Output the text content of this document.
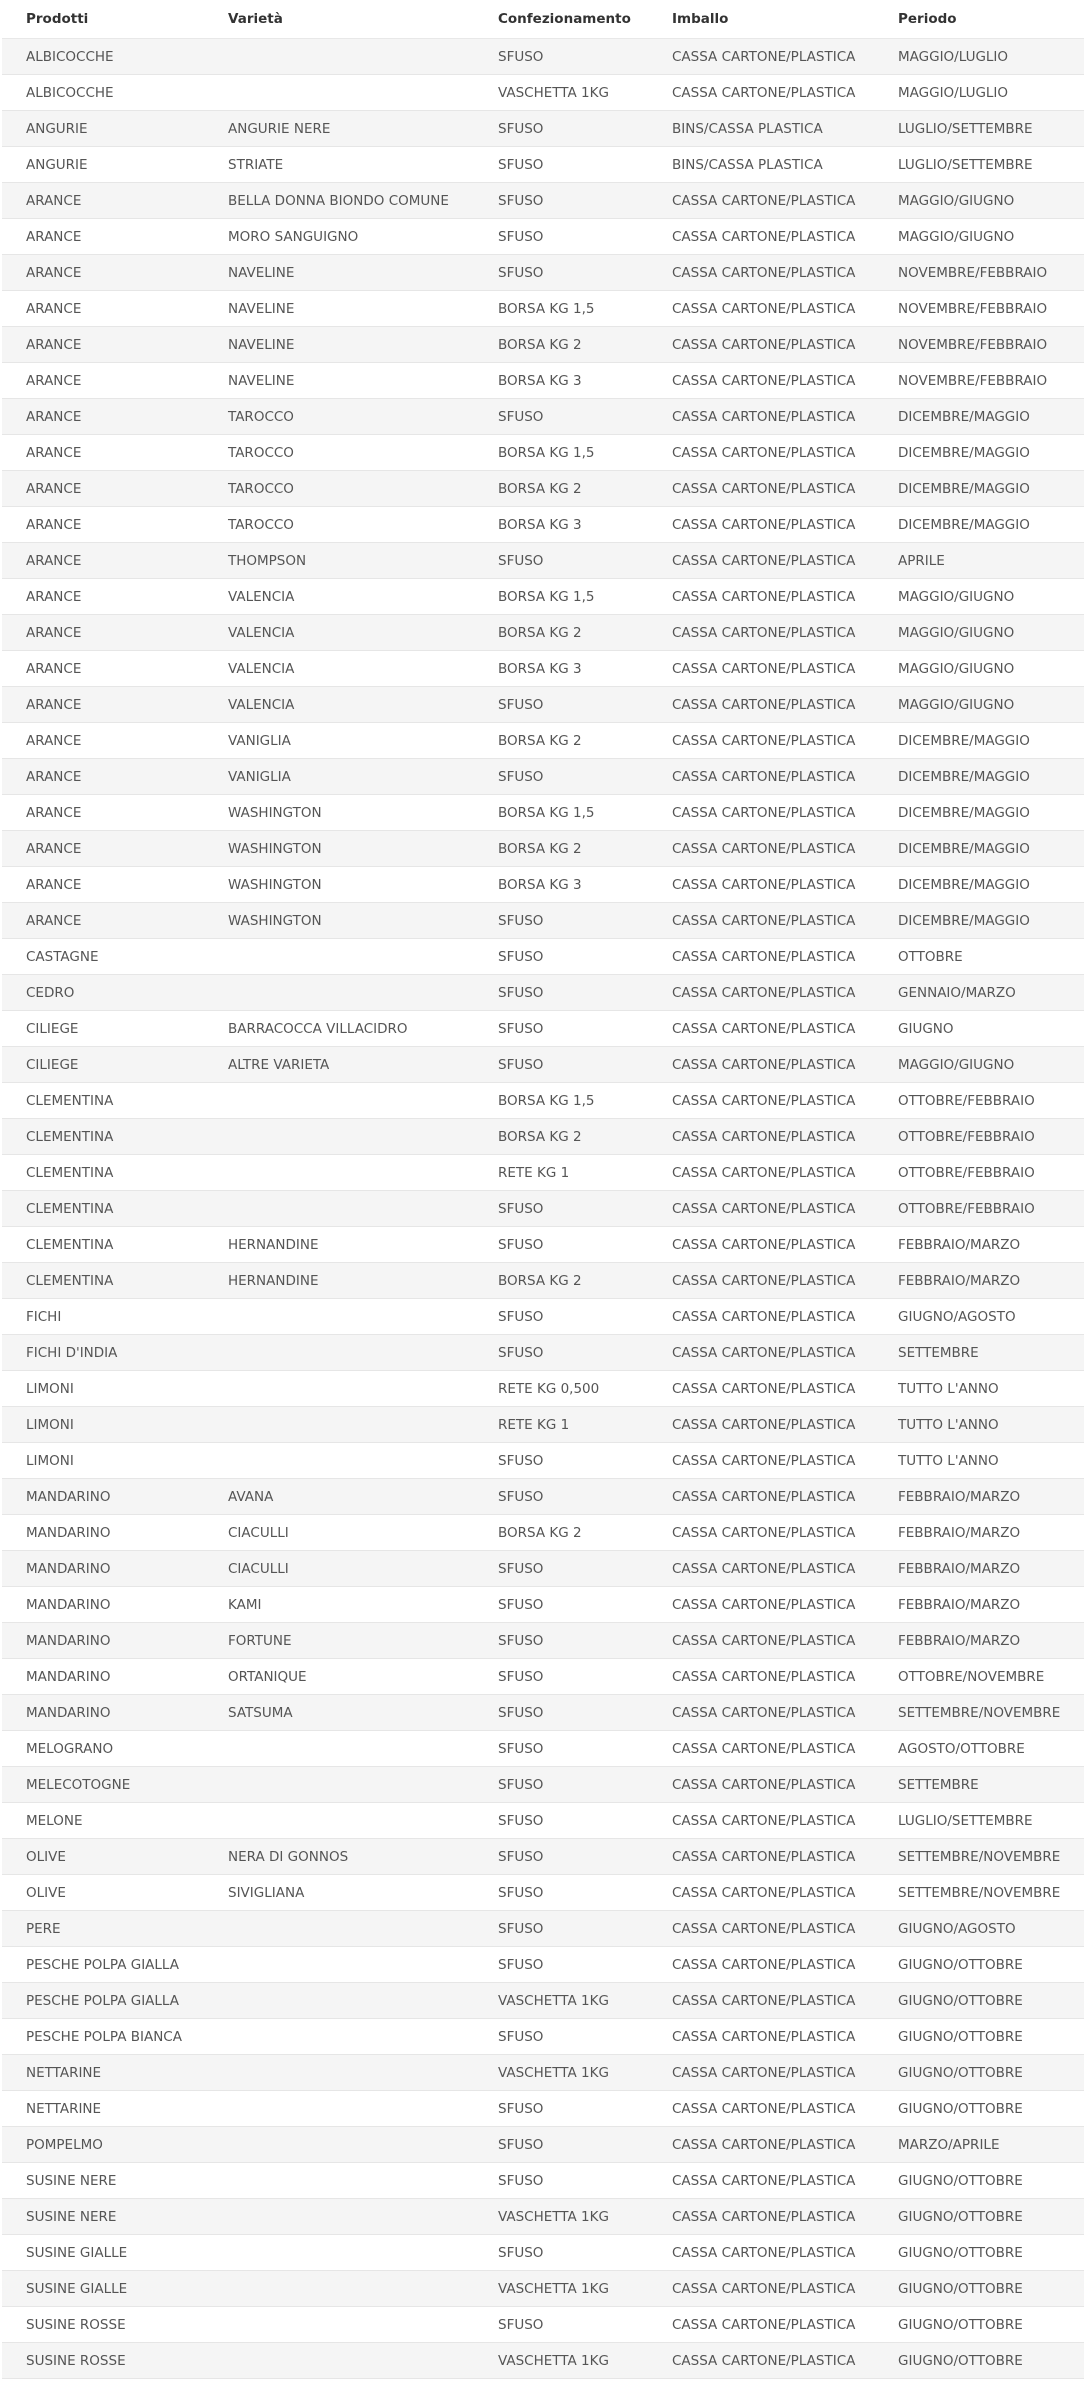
Prodotti	Varietà	Confezionamento	Imballo	Periodo
ALBICOCCHE		SFUSO	CASSA CARTONE/PLASTICA	MAGGIO/LUGLIO
ALBICOCCHE		VASCHETTA 1KG	CASSA CARTONE/PLASTICA	MAGGIO/LUGLIO
ANGURIE	ANGURIE NERE	SFUSO	BINS/CASSA PLASTICA	LUGLIO/SETTEMBRE
ANGURIE	STRIATE	SFUSO	BINS/CASSA PLASTICA	LUGLIO/SETTEMBRE
ARANCE	BELLA DONNA BIONDO COMUNE	SFUSO	CASSA CARTONE/PLASTICA	MAGGIO/GIUGNO
ARANCE	MORO SANGUIGNO	SFUSO	CASSA CARTONE/PLASTICA	MAGGIO/GIUGNO
ARANCE	NAVELINE	SFUSO	CASSA CARTONE/PLASTICA	NOVEMBRE/FEBBRAIO
ARANCE	NAVELINE	BORSA KG 1,5	CASSA CARTONE/PLASTICA	NOVEMBRE/FEBBRAIO
ARANCE	NAVELINE	BORSA KG 2	CASSA CARTONE/PLASTICA	NOVEMBRE/FEBBRAIO
ARANCE	NAVELINE	BORSA KG 3	CASSA CARTONE/PLASTICA	NOVEMBRE/FEBBRAIO
ARANCE	TAROCCO	SFUSO	CASSA CARTONE/PLASTICA	DICEMBRE/MAGGIO
ARANCE	TAROCCO	BORSA KG 1,5	CASSA CARTONE/PLASTICA	DICEMBRE/MAGGIO
ARANCE	TAROCCO	BORSA KG 2	CASSA CARTONE/PLASTICA	DICEMBRE/MAGGIO
ARANCE	TAROCCO	BORSA KG 3	CASSA CARTONE/PLASTICA	DICEMBRE/MAGGIO
ARANCE	THOMPSON	SFUSO	CASSA CARTONE/PLASTICA	APRILE
ARANCE	VALENCIA	BORSA KG 1,5	CASSA CARTONE/PLASTICA	MAGGIO/GIUGNO
ARANCE	VALENCIA	BORSA KG 2	CASSA CARTONE/PLASTICA	MAGGIO/GIUGNO
ARANCE	VALENCIA	BORSA KG 3	CASSA CARTONE/PLASTICA	MAGGIO/GIUGNO
ARANCE	VALENCIA	SFUSO	CASSA CARTONE/PLASTICA	MAGGIO/GIUGNO
ARANCE	VANIGLIA	BORSA KG 2	CASSA CARTONE/PLASTICA	DICEMBRE/MAGGIO
ARANCE	VANIGLIA	SFUSO	CASSA CARTONE/PLASTICA	DICEMBRE/MAGGIO
ARANCE	WASHINGTON	BORSA KG 1,5	CASSA CARTONE/PLASTICA	DICEMBRE/MAGGIO
ARANCE	WASHINGTON	BORSA KG 2	CASSA CARTONE/PLASTICA	DICEMBRE/MAGGIO
ARANCE	WASHINGTON	BORSA KG 3	CASSA CARTONE/PLASTICA	DICEMBRE/MAGGIO
ARANCE	WASHINGTON	SFUSO	CASSA CARTONE/PLASTICA	DICEMBRE/MAGGIO
CASTAGNE		SFUSO	CASSA CARTONE/PLASTICA	OTTOBRE
CEDRO		SFUSO	CASSA CARTONE/PLASTICA	GENNAIO/MARZO
CILIEGE	BARRACOCCA VILLACIDRO	SFUSO	CASSA CARTONE/PLASTICA	GIUGNO
CILIEGE	ALTRE VARIETA	SFUSO	CASSA CARTONE/PLASTICA	MAGGIO/GIUGNO
CLEMENTINA		BORSA KG 1,5	CASSA CARTONE/PLASTICA	OTTOBRE/FEBBRAIO
CLEMENTINA		BORSA KG 2	CASSA CARTONE/PLASTICA	OTTOBRE/FEBBRAIO
CLEMENTINA		RETE KG 1	CASSA CARTONE/PLASTICA	OTTOBRE/FEBBRAIO
CLEMENTINA		SFUSO	CASSA CARTONE/PLASTICA	OTTOBRE/FEBBRAIO
CLEMENTINA	HERNANDINE	SFUSO	CASSA CARTONE/PLASTICA	FEBBRAIO/MARZO
CLEMENTINA	HERNANDINE	BORSA KG 2	CASSA CARTONE/PLASTICA	FEBBRAIO/MARZO
FICHI		SFUSO	CASSA CARTONE/PLASTICA	GIUGNO/AGOSTO
FICHI D'INDIA		SFUSO	CASSA CARTONE/PLASTICA	SETTEMBRE
LIMONI		RETE KG 0,500	CASSA CARTONE/PLASTICA	TUTTO L'ANNO
LIMONI		RETE KG 1	CASSA CARTONE/PLASTICA	TUTTO L'ANNO
LIMONI		SFUSO	CASSA CARTONE/PLASTICA	TUTTO L'ANNO
MANDARINO	AVANA	SFUSO	CASSA CARTONE/PLASTICA	FEBBRAIO/MARZO
MANDARINO	CIACULLI	BORSA KG 2	CASSA CARTONE/PLASTICA	FEBBRAIO/MARZO
MANDARINO	CIACULLI	SFUSO	CASSA CARTONE/PLASTICA	FEBBRAIO/MARZO
MANDARINO	KAMI	SFUSO	CASSA CARTONE/PLASTICA	FEBBRAIO/MARZO
MANDARINO	FORTUNE	SFUSO	CASSA CARTONE/PLASTICA	FEBBRAIO/MARZO
MANDARINO	ORTANIQUE	SFUSO	CASSA CARTONE/PLASTICA	OTTOBRE/NOVEMBRE
MANDARINO	SATSUMA	SFUSO	CASSA CARTONE/PLASTICA	SETTEMBRE/NOVEMBRE
MELOGRANO		SFUSO	CASSA CARTONE/PLASTICA	AGOSTO/OTTOBRE
MELECOTOGNE		SFUSO	CASSA CARTONE/PLASTICA	SETTEMBRE
MELONE		SFUSO	CASSA CARTONE/PLASTICA	LUGLIO/SETTEMBRE
OLIVE	NERA DI GONNOS	SFUSO	CASSA CARTONE/PLASTICA	SETTEMBRE/NOVEMBRE
OLIVE	SIVIGLIANA	SFUSO	CASSA CARTONE/PLASTICA	SETTEMBRE/NOVEMBRE
PERE		SFUSO	CASSA CARTONE/PLASTICA	GIUGNO/AGOSTO
PESCHE POLPA GIALLA		SFUSO	CASSA CARTONE/PLASTICA	GIUGNO/OTTOBRE
PESCHE POLPA GIALLA		VASCHETTA 1KG	CASSA CARTONE/PLASTICA	GIUGNO/OTTOBRE
PESCHE POLPA BIANCA		SFUSO	CASSA CARTONE/PLASTICA	GIUGNO/OTTOBRE
NETTARINE		VASCHETTA 1KG	CASSA CARTONE/PLASTICA	GIUGNO/OTTOBRE
NETTARINE		SFUSO	CASSA CARTONE/PLASTICA	GIUGNO/OTTOBRE
POMPELMO		SFUSO	CASSA CARTONE/PLASTICA	MARZO/APRILE
SUSINE NERE		SFUSO	CASSA CARTONE/PLASTICA	GIUGNO/OTTOBRE
SUSINE NERE		VASCHETTA 1KG	CASSA CARTONE/PLASTICA	GIUGNO/OTTOBRE
SUSINE GIALLE		SFUSO	CASSA CARTONE/PLASTICA	GIUGNO/OTTOBRE
SUSINE GIALLE		VASCHETTA 1KG	CASSA CARTONE/PLASTICA	GIUGNO/OTTOBRE
SUSINE ROSSE		SFUSO	CASSA CARTONE/PLASTICA	GIUGNO/OTTOBRE
SUSINE ROSSE		VASCHETTA 1KG	CASSA CARTONE/PLASTICA	GIUGNO/OTTOBRE
